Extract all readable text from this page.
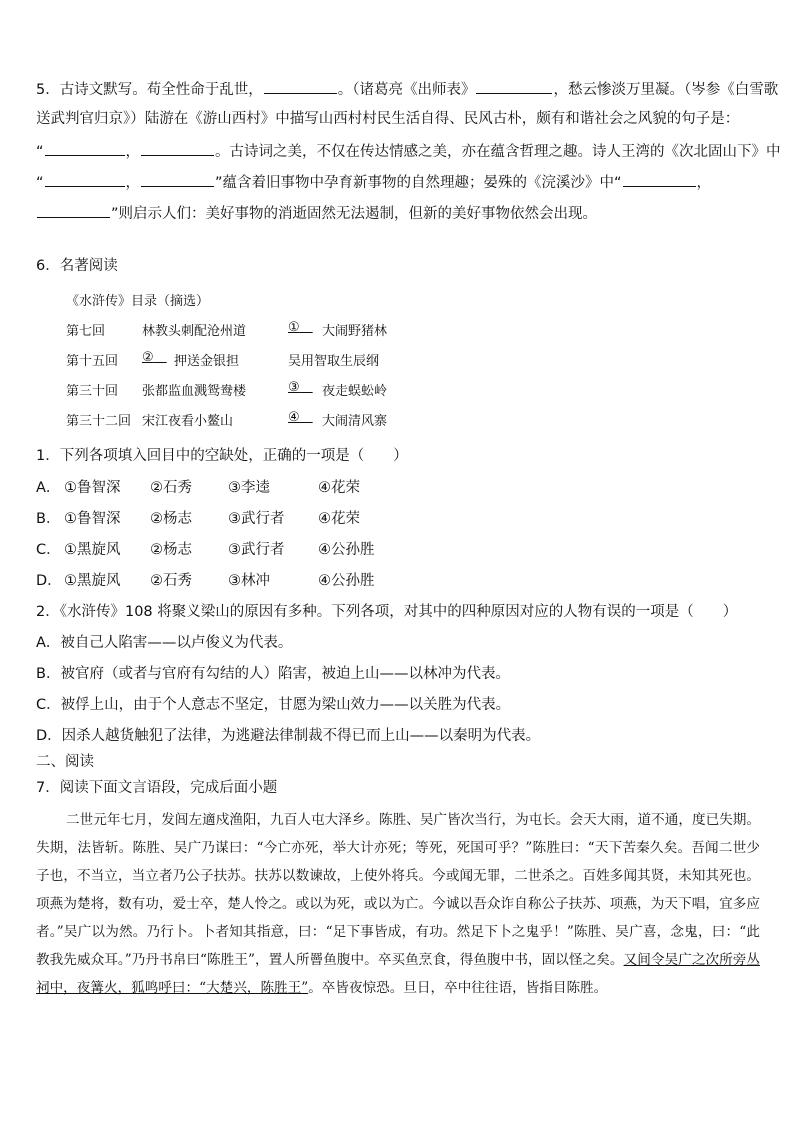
5．古诗文默写。苟全性命于乱世，	。（诸葛亮《出师表》	，愁云惨淡万里凝。（岑参《白雪歌
送武判官归京》）陆游在《游山西村》中描写山西村村民生活自得、民风古朴，颇有和谐社会之风貌的句子是：
“	，	。古诗词之美，不仅在传达情感之美，亦在蕴含哲理之趣。诗人王湾的《次北固山下》中
“	，	”蕴含着旧事物中孕育新事物的自然理趣；晏殊的《浣溪沙》中“	，
”则启示人们：美好事物的消逝固然无法遏制，但新的美好事物依然会出现。
6．名著阅读
《水浒传》目录（摘选）
第七回	林教头刺配沧州道	① 	大闹野猪林
第十五回 ② 	押送金银担	吴用智取生辰纲
第三十回 张都监血溅鸳鸯楼	③ 	夜走蜈蚣岭
第三十二回 宋江夜看小鳌山	④ 	大闹清风寨
1．下列各项填入回目中的空缺处，正确的一项是（　　）
A． ①鲁智深 ②石秀 ③李逵	④花荣
B． ①鲁智深 ②杨志 ③武行者 ④花荣
C． ①黑旋风 ②杨志 ③武行者 ④公孙胜
D． ①黑旋风 ②石秀 ③林冲	④公孙胜
2．《水浒传》108 将聚义梁山的原因有多种。下列各项，对其中的四种原因对应的人物有误的一项是（　　）
A．被自己人陷害——以卢俊义为代表。
B．被官府（或者与官府有勾结的人）陷害，被迫上山——以林冲为代表。
C．被俘上山，由于个人意志不坚定，甘愿为梁山效力——以关胜为代表。
D．因杀人越货触犯了法律，为逃避法律制裁不得已而上山——以秦明为代表。
二、阅读
7．阅读下面文言语段，完成后面小题
二世元年七月，发闾左適戍渔阳，九百人屯大泽乡。陈胜、吴广皆次当行，为屯长。会天大雨，道不通，度已失期。失期，法皆斩。陈胜、吴广乃谋曰：“今亡亦死，举大计亦死；等死，死国可乎？”陈胜曰：“天下苦秦久矣。吾闻二世少子也，不当立，当立者乃公子扶苏。扶苏以数谏故，上使外将兵。今或闻无罪，二世杀之。百姓多闻其贤，未知其死也。项燕为楚将，数有功，爱士卒，楚人怜之。或以为死，或以为亡。今诚以吾众诈自称公子扶苏、项燕，为天下唱，宜多应者。”吴广以为然。乃行卜。卜者知其指意，曰：“足下事皆成，有功。然足下卜之鬼乎！”陈胜、吴广喜，念鬼，曰：“此教我先威众耳。”乃丹书帛曰“陈胜王”，置人所罾鱼腹中。卒买鱼烹食，得鱼腹中书，固以怪之矣。又间令吴广之次所旁丛祠中，夜篝火，狐鸣呼曰：“大楚兴，陈胜王”。卒皆夜惊恐。旦日，卒中往往语，皆指目陈胜。
